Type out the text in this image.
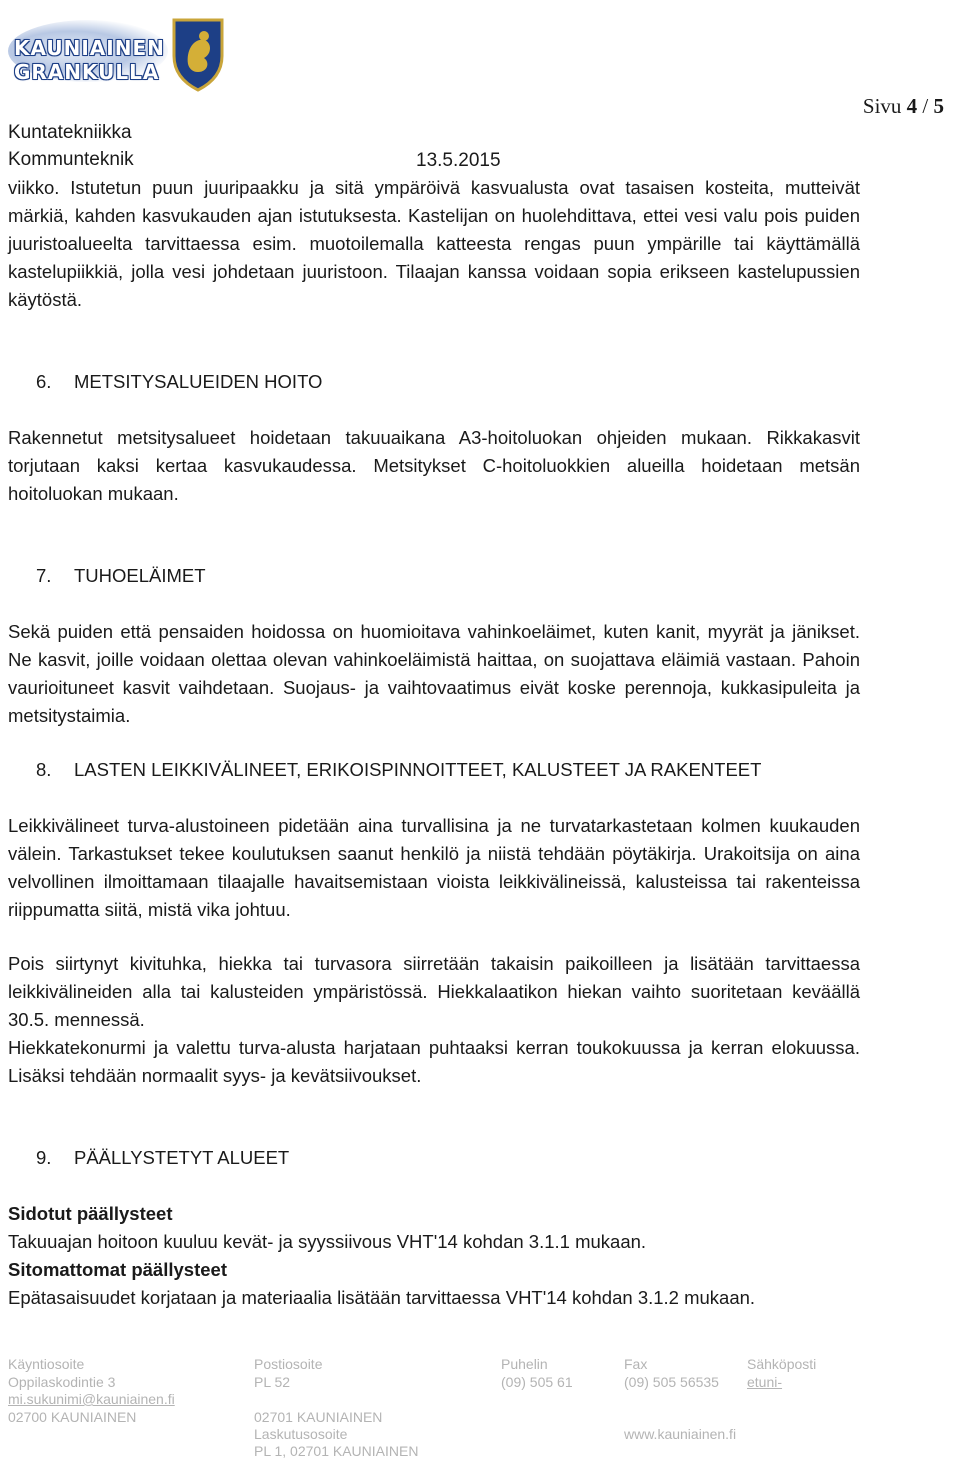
KAUNIAINEN
GRANKULLA
Sivu 4 / 5
Kuntatekniikka
Kommunteknik	13.5.2015

viikko. Istutetun puun juuripaakku ja sitä ympäröivä kasvualusta ovat tasaisen kosteita, mutteivät märkiä, kahden kasvukauden ajan istutuksesta. Kastelijan on huolehdittava, ettei vesi valu pois puiden juuristoalueelta tarvittaessa esim. muotoilemalla katteesta rengas puun ympärille tai käyttämällä kastelupiikkiä, jolla vesi johdetaan juuristoon. Tilaajan kanssa voidaan sopia erikseen kastelupussien käytöstä.

6. METSITYSALUEIDEN HOITO

Rakennetut metsitysalueet hoidetaan takuuaikana A3-hoitoluokan ohjeiden mukaan. Rikkakasvit torjutaan kaksi kertaa kasvukaudessa. Metsitykset C-hoitoluokkien alueilla hoidetaan metsän hoitoluokan mukaan.

7. TUHOELÄIMET

Sekä puiden että pensaiden hoidossa on huomioitava vahinkoeläimet, kuten kanit, myyrät ja jänikset. Ne kasvit, joille voidaan olettaa olevan vahinkoeläimistä haittaa, on suojattava eläimiä vastaan. Pahoin vaurioituneet kasvit vaihdetaan. Suojaus- ja vaihtovaatimus eivät koske perennoja, kukkasipuleita ja metsitystaimia.

8. LASTEN LEIKKIVÄLINEET, ERIKOISPINNOITTEET, KALUSTEET JA RAKENTEET

Leikkivälineet turva-alustoineen pidetään aina turvallisina ja ne turvatarkastetaan kolmen kuukauden välein. Tarkastukset tekee koulutuksen saanut henkilö ja niistä tehdään pöytäkirja. Urakoitsija on aina velvollinen ilmoittamaan tilaajalle havaitsemistaan vioista leikkivälineissä, kalusteissa tai rakenteissa riippumatta siitä, mistä vika johtuu.

Pois siirtynyt kivituhka, hiekka tai turvasora siirretään takaisin paikoilleen ja lisätään tarvittaessa leikkivälineiden alla tai kalusteiden ympäristössä. Hiekkalaatikon hiekan vaihto suoritetaan keväällä 30.5. mennessä.

Hiekkatekonurmi ja valettu turva-alusta harjataan puhtaaksi kerran toukokuussa ja kerran elokuussa. Lisäksi tehdään normaalit syys- ja kevätsiivoukset.

9. PÄÄLLYSTETYT ALUEET
Sidotut päällysteet
Takuuajan hoitoon kuuluu kevät- ja syyssiivous VHT'14 kohdan 3.1.1 mukaan.
Sitomattomat päällysteet
Epätasaisuudet korjataan ja materiaalia lisätään tarvittaessa VHT'14 kohdan 3.1.2 mukaan.
Käyntiosoite
Oppilaskodintie 3
mi.sukunimi@kauniainen.fi
02700 KAUNIAINEN
Postiosoite
PL 52
02701 KAUNIAINEN
Laskutusosoite
PL 1, 02701 KAUNIAINEN
Puhelin
(09) 505 61
Fax
(09) 505 56535
www.kauniainen.fi
Sähköposti
etuni-
